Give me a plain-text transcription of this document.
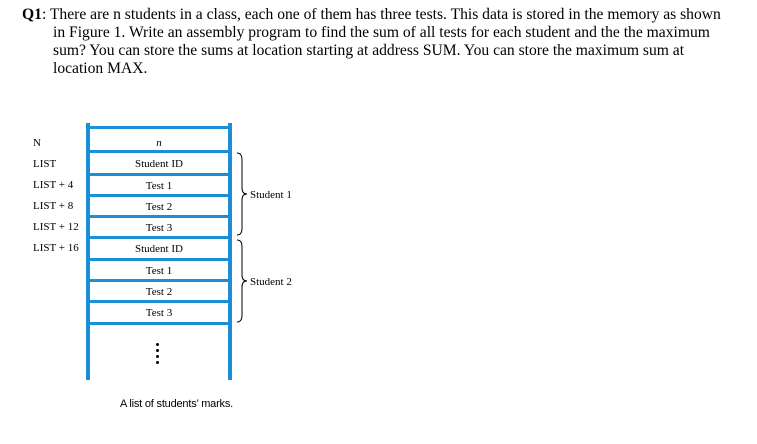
Q1: There are n students in a class, each one of them has three tests. This data is stored in the memory as shown
in Figure 1. Write an assembly program to find the sum of all tests for each student and the the maximum
sum? You can store the sums at location starting at address SUM. You can store the maximum sum at
location MAX.
N
LIST
LIST + 4
LIST + 8
LIST + 12
LIST + 16
n
Student ID
Test 1
Test 2
Test 3
Student ID
Test 1
Test 2
Test 3
Student 1
Student 2
A list of students’ marks.
